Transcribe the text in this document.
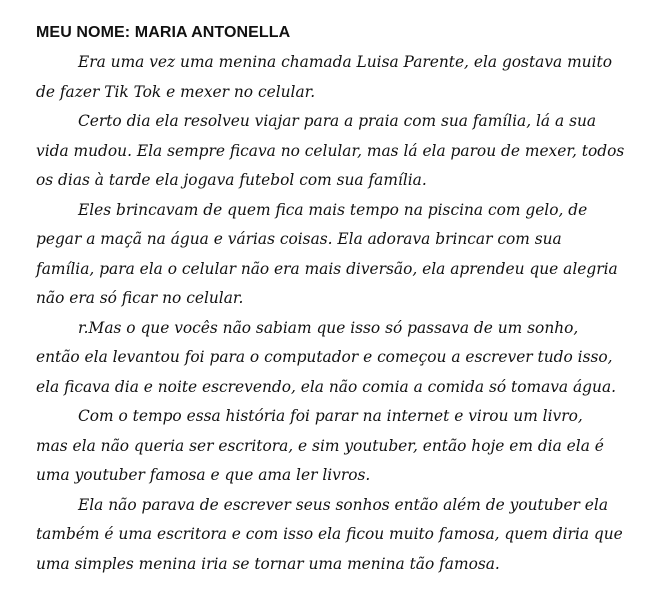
MEU NOME: MARIA ANTONELLA

Era uma vez uma menina chamada Luisa Parente, ela gostava muito
de fazer Tik Tok e mexer no celular.

Certo dia ela resolveu viajar para a praia com sua família, lá a sua
vida mudou. Ela sempre ficava no celular, mas lá ela parou de mexer, todos
os dias à tarde ela jogava futebol com sua família.

Eles brincavam de quem fica mais tempo na piscina com gelo, de
pegar a maçã na água e várias coisas. Ela adorava brincar com sua
família, para ela o celular não era mais diversão, ela aprendeu que alegria
não era só ficar no celular.

r.Mas o que vocês não sabiam que isso só passava de um sonho,
então ela levantou foi para o computador e começou a escrever tudo isso,
ela ficava dia e noite escrevendo, ela não comia a comida só tomava água.

Com o tempo essa história foi parar na internet e virou um livro,
mas ela não queria ser escritora, e sim youtuber, então hoje em dia ela é
uma youtuber famosa e que ama ler livros.

Ela não parava de escrever seus sonhos então além de youtuber ela
também é uma escritora e com isso ela ficou muito famosa, quem diria que
uma simples menina iria se tornar uma menina tão famosa.
